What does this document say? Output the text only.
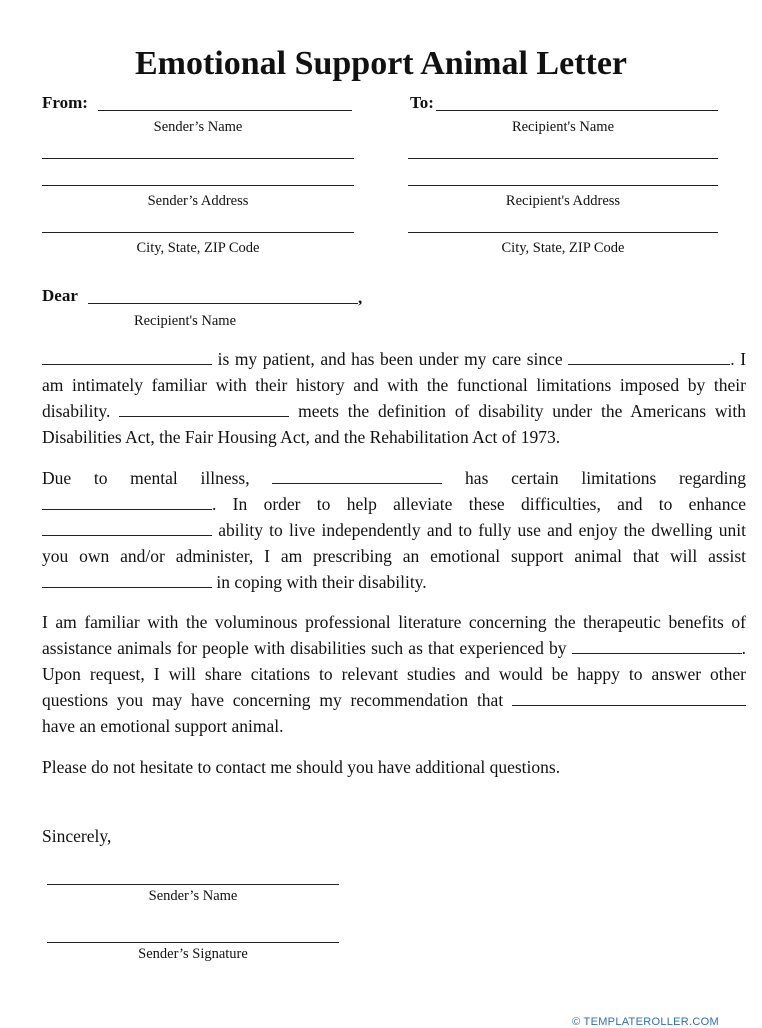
Emotional Support Animal Letter
From:	To:
Sender’s Name	Recipient's Name
Sender’s Address	Recipient's Address
City, State, ZIP Code	City, State, ZIP Code
Dear	,
Recipient's Name

is my patient, and has been under my care since	. I am intimately familiar with their history and with the functional limitations imposed by their disability.	meets the definition of disability under the Americans with Disabilities Act, the Fair Housing Act, and the Rehabilitation Act of 1973.

Due to mental illness,	has certain limitations regarding . In order to help alleviate these difficulties, and to enhance  ability to live independently and to fully use and enjoy the dwelling unit you own and/or administer, I am prescribing an emotional support animal that will assist  in coping with their disability.

I am familiar with the voluminous professional literature concerning the therapeutic benefits of assistance animals for people with disabilities such as that experienced by	. Upon request, I will share citations to relevant studies and would be happy to answer other questions you may have concerning my recommendation that  have an emotional support animal.

Please do not hesitate to contact me should you have additional questions.

Sincerely,
Sender’s Name
Sender’s Signature
© TEMPLATEROLLER.COM
